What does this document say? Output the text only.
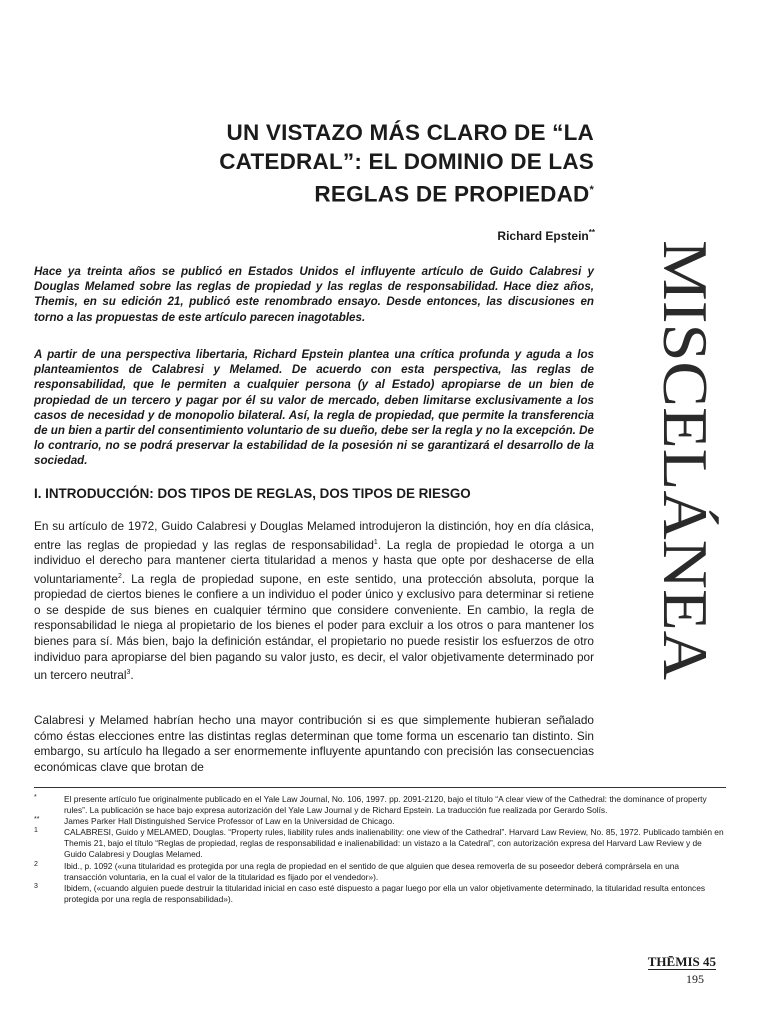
UN VISTAZO MÁS CLARO DE “LA
CATEDRAL”: EL DOMINIO DE LAS
REGLAS DE PROPIEDAD*
Richard Epstein**
MISCELÁNEA

Hace ya treinta años se publicó en Estados Unidos el influyente artículo de Guido Calabresi y Douglas Melamed sobre las reglas de propiedad y las reglas de responsabilidad. Hace diez años, Themis, en su edición 21, publicó este renombrado ensayo. Desde entonces, las discusiones en torno a las propuestas de este artículo parecen inagotables.

A partir de una perspectiva libertaria, Richard Epstein plantea una crítica profunda y aguda a los planteamientos de Calabresi y Melamed. De acuerdo con esta perspectiva, las reglas de responsabilidad, que le permiten a cualquier persona (y al Estado) apropiarse de un bien de propiedad de un tercero y pagar por él su valor de mercado, deben limitarse exclusivamente a los casos de necesidad y de monopolio bilateral. Así, la regla de propiedad, que permite la transferencia de un bien a partir del consentimiento voluntario de su dueño, debe ser la regla y no la excepción. De lo contrario, no se podrá preservar la estabilidad de la posesión ni se garantizará el desarrollo de la sociedad.

I. INTRODUCCIÓN: DOS TIPOS DE REGLAS, DOS TIPOS DE RIESGO

En su artículo de 1972, Guido Calabresi y Douglas Melamed introdujeron la distinción, hoy en día clásica, entre las reglas de propiedad y las reglas de responsabilidad$^1$. La regla de propiedad le otorga a un individuo el derecho para mantener cierta titularidad a menos y hasta que opte por deshacerse de ella voluntariamente$^2$. La regla de propiedad supone, en este sentido, una protección absoluta, porque la propiedad de ciertos bienes le confiere a un individuo el poder único y exclusivo para determinar si retiene o se despide de sus bienes en cualquier término que considere conveniente. En cambio, la regla de responsabilidad le niega al propietario de los bienes el poder para excluir a los otros o para mantener los bienes para sí. Más bien, bajo la definición estándar, el propietario no puede resistir los esfuerzos de otro individuo para apropiarse del bien pagando su valor justo, es decir, el valor objetivamente determinado por un tercero neutral$^3$.

Calabresi y Melamed habrían hecho una mayor contribución si es que simplemente hubieran señalado cómo éstas elecciones entre las distintas reglas determinan que tome forma un escenario tan distinto. Sin embargo, su artículo ha llegado a ser enormemente influyente apuntando con precisión las consecuencias económicas clave que brotan de

*	El presente artículo fue originalmente publicado en el Yale Law Journal, No. 106, 1997. pp. 2091-2120, bajo el título “A clear view of the Cathedral: the dominance of property rules”. La publicación se hace bajo expresa autorización del Yale Law Journal y de Richard Epstein. La traducción fue realizada por Gerardo Solís.

**	James Parker Hall Distinguished Service Professor of Law en la Universidad de Chicago.

1	CALABRESI, Guido y MELAMED, Douglas. “Property rules, liability rules ands inalienability: one view of the Cathedral”. Harvard Law Review, No. 85, 1972. Publicado también en Themis 21, bajo el título “Reglas de propiedad, reglas de responsabilidad e inalienabilidad: un vistazo a la Catedral”, con autorización expresa del Harvard Law Review y de Guido Calabresi y Douglas Melamed.

2	Ibid., p. 1092 («una titularidad es protegida por una regla de propiedad en el sentido de que alguien que desea removerla de su poseedor deberá comprársela en una transacción voluntaria, en la cual el valor de la titularidad es fijado por el vendedor»).

3	Ibidem, («cuando alguien puede destruir la titularidad inicial en caso esté dispuesto a pagar luego por ella un valor objetivamente determinado, la titularidad resulta entonces protegida por una regla de responsabilidad»).

THĒMIS 45
195
